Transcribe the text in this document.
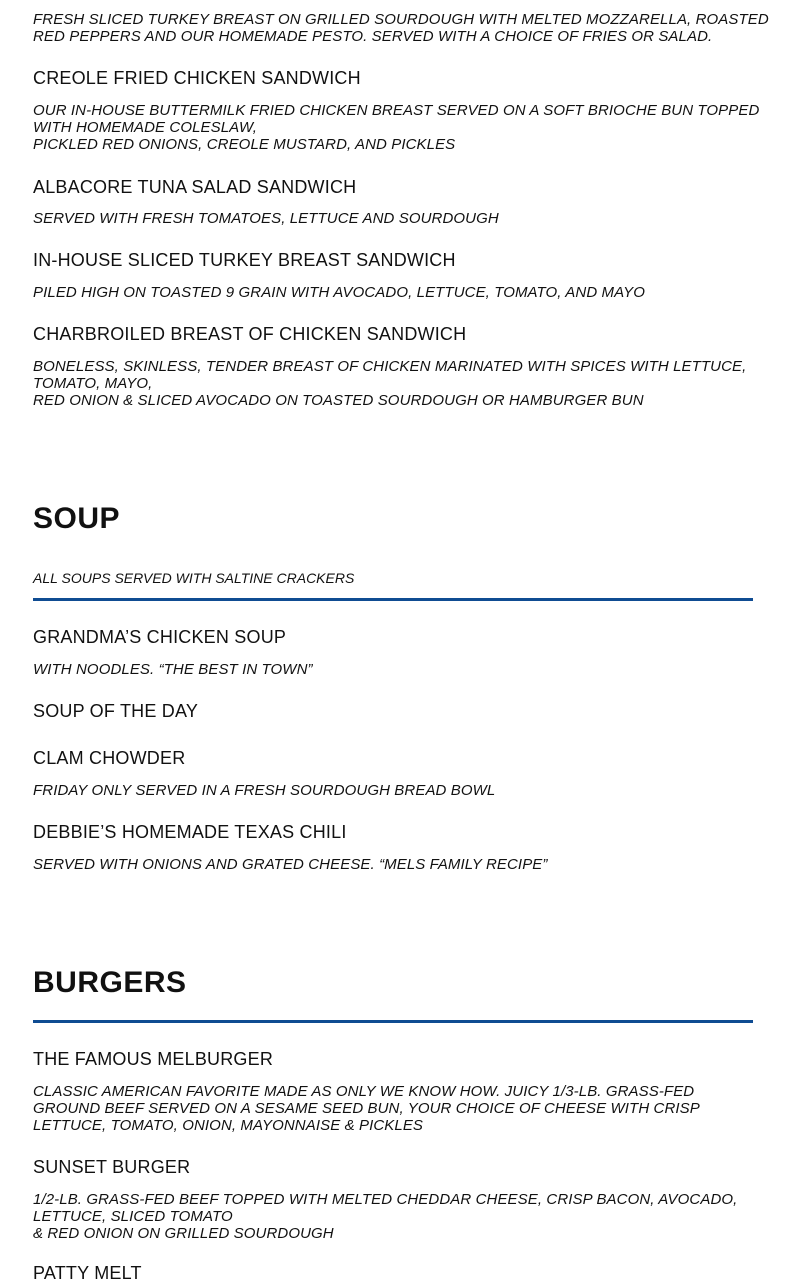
FRESH SLICED TURKEY BREAST ON GRILLED SOURDOUGH WITH MELTED MOZZARELLA, ROASTED
RED PEPPERS AND OUR HOMEMADE PESTO. SERVED WITH A CHOICE OF FRIES OR SALAD.

CREOLE FRIED CHICKEN SANDWICH

OUR IN-HOUSE BUTTERMILK FRIED CHICKEN BREAST SERVED ON A SOFT BRIOCHE BUN TOPPED
WITH HOMEMADE COLESLAW,
PICKLED RED ONIONS, CREOLE MUSTARD, AND PICKLES

ALBACORE TUNA SALAD SANDWICH

SERVED WITH FRESH TOMATOES, LETTUCE AND SOURDOUGH

IN-HOUSE SLICED TURKEY BREAST SANDWICH

PILED HIGH ON TOASTED 9 GRAIN WITH AVOCADO, LETTUCE, TOMATO, AND MAYO

CHARBROILED BREAST OF CHICKEN SANDWICH

BONELESS, SKINLESS, TENDER BREAST OF CHICKEN MARINATED WITH SPICES WITH LETTUCE,
TOMATO, MAYO,
RED ONION & SLICED AVOCADO ON TOASTED SOURDOUGH OR HAMBURGER BUN

SOUP

ALL SOUPS SERVED WITH SALTINE CRACKERS

GRANDMA’S CHICKEN SOUP

WITH NOODLES. “THE BEST IN TOWN”

SOUP OF THE DAY

CLAM CHOWDER

FRIDAY ONLY SERVED IN A FRESH SOURDOUGH BREAD BOWL

DEBBIE’S HOMEMADE TEXAS CHILI

SERVED WITH ONIONS AND GRATED CHEESE. “MELS FAMILY RECIPE”

BURGERS

THE FAMOUS MELBURGER

CLASSIC AMERICAN FAVORITE MADE AS ONLY WE KNOW HOW. JUICY 1/3-LB. GRASS-FED
GROUND BEEF SERVED ON A SESAME SEED BUN, YOUR CHOICE OF CHEESE WITH CRISP
LETTUCE, TOMATO, ONION, MAYONNAISE & PICKLES

SUNSET BURGER

1/2-LB. GRASS-FED BEEF TOPPED WITH MELTED CHEDDAR CHEESE, CRISP BACON, AVOCADO,
LETTUCE, SLICED TOMATO
& RED ONION ON GRILLED SOURDOUGH

PATTY MELT
